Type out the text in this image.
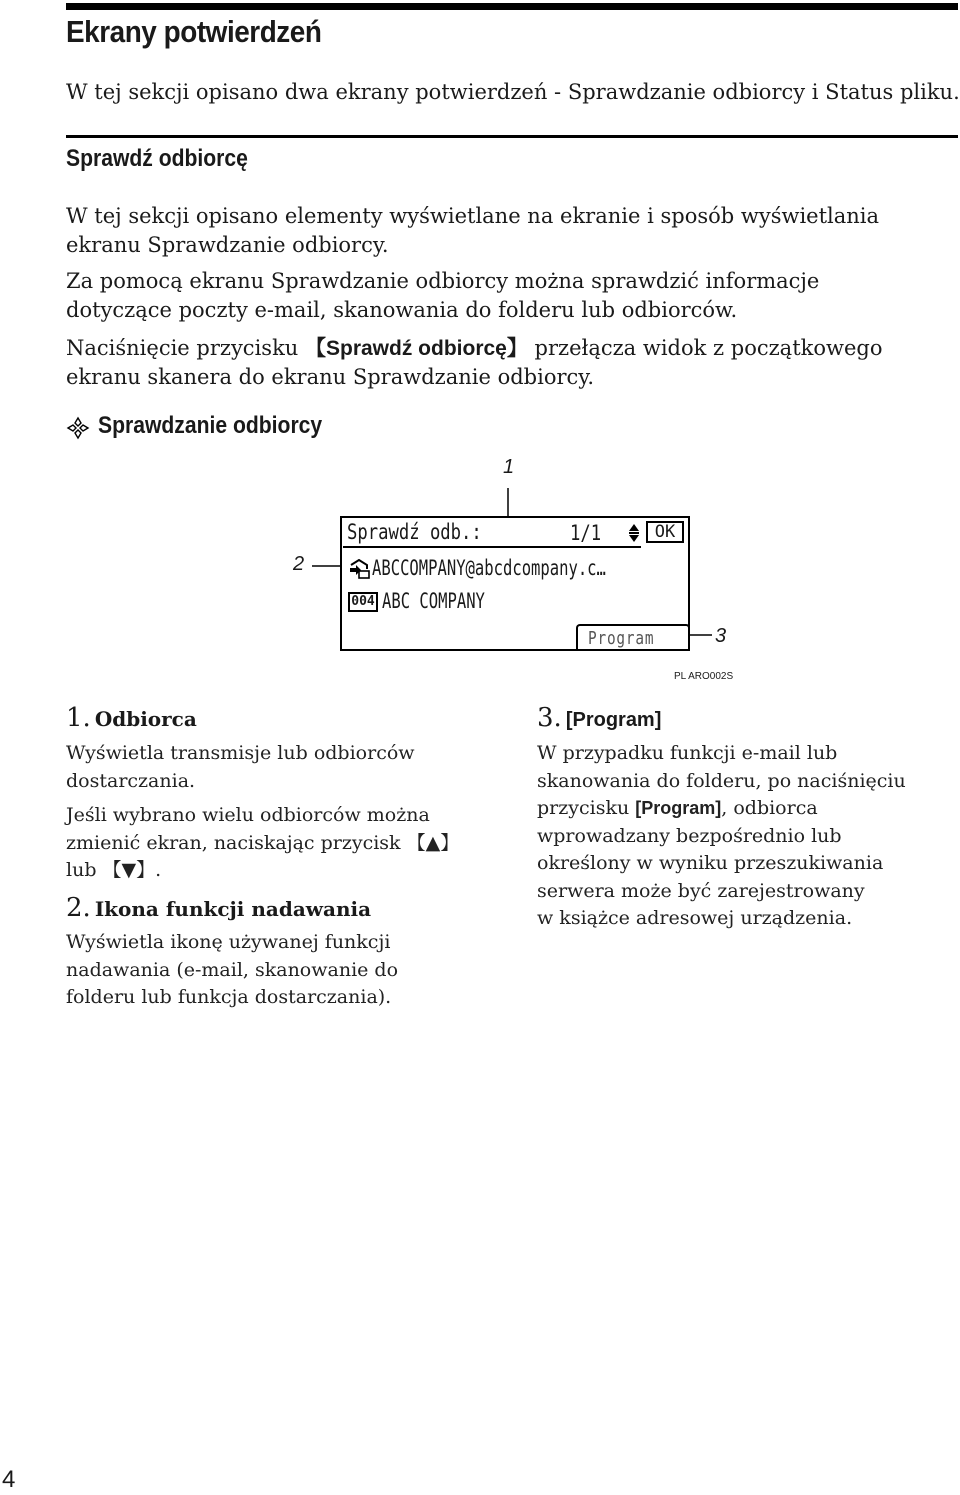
Ekrany potwierdzeń
W tej sekcji opisano dwa ekrany potwierdzeń - Sprawdzanie odbiorcy i Status pliku.
Sprawdź odbiorcę
W tej sekcji opisano elementy wyświetlane na ekranie i sposób wyświetlania ekranu Sprawdzanie odbiorcy.
Za pomocą ekranu Sprawdzanie odbiorcy można sprawdzić informacje
dotyczące poczty e-mail, skanowania do folderu lub odbiorców.
Naciśnięcie przycisku 【Sprawdź odbiorcę】 przełącza widok z początkowego
ekranu skanera do ekranu Sprawdzanie odbiorcy.
Sprawdzanie odbiorcy
1
2
3
Sprawdź odb.:	1/1	OK
ABCCOMPANY@abcdcompany.c…
004 ABC COMPANY
Program
PL ARO002S
1. Odbiorca
Wyświetla transmisje lub odbiorców
dostarczania.
Jeśli wybrano wielu odbiorców można
zmienić ekran, naciskając przycisk 【▲】
lub 【▼】.
2. Ikona funkcji nadawania
Wyświetla ikonę używanej funkcji
nadawania (e-mail, skanowanie do
folderu lub funkcja dostarczania).
3. [Program]
W przypadku funkcji e-mail lub
skanowania do folderu, po naciśnięciu
przycisku [Program], odbiorca
wprowadzany bezpośrednio lub
określony w wyniku przeszukiwania
serwera może być zarejestrowany
w książce adresowej urządzenia.
4
